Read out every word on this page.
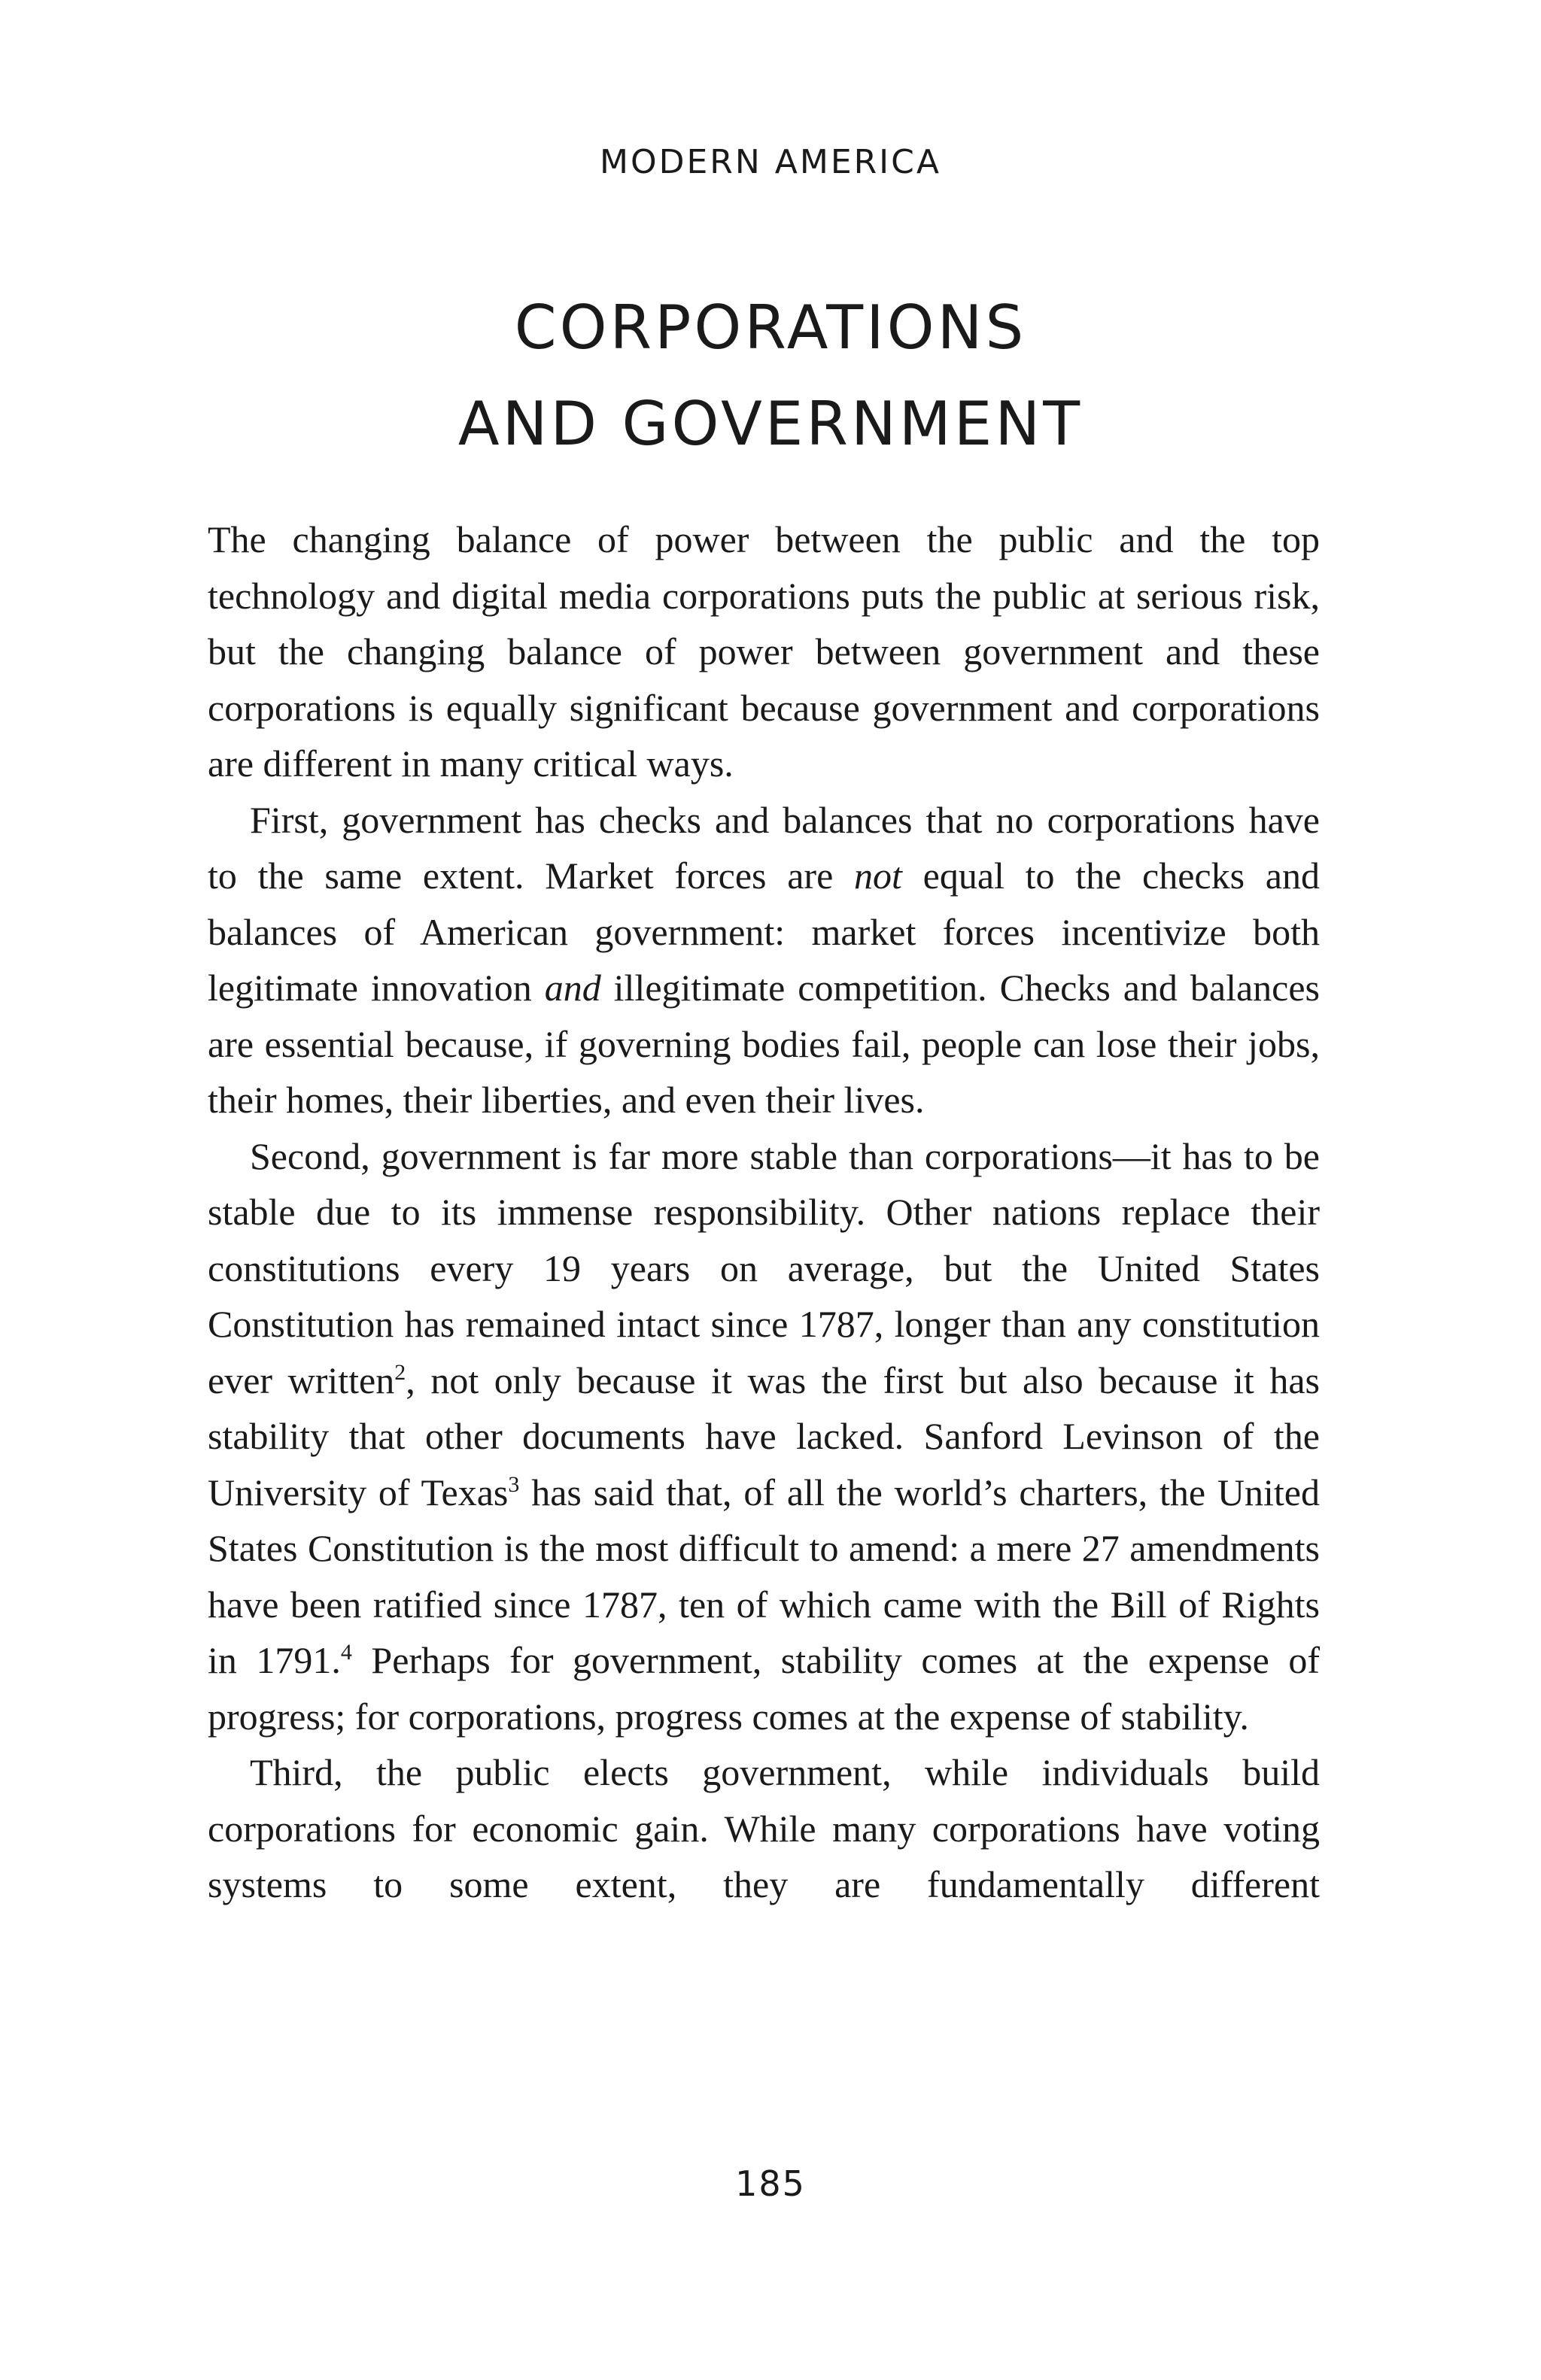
MODERN AMERICA
CORPORATIONS
AND GOVERNMENT

The changing balance of power between the public and the top technology and digital media corporations puts the public at serious risk, but the changing balance of power between government and these corporations is equally significant because government and corporations are different in many critical ways.

First, government has checks and balances that no corporations have to the same extent. Market forces are not equal to the checks and balances of American government: market forces incentivize both legitimate innovation and illegitimate competition. Checks and balances are essential because, if governing bodies fail, people can lose their jobs, their homes, their liberties, and even their lives.

Second, government is far more stable than corporations—it has to be stable due to its immense responsibility. Other nations replace their constitutions every 19 years on average, but the United States Constitution has remained intact since 1787, longer than any constitution ever written$^2$, not only because it was the first but also because it has stability that other documents have lacked. Sanford Levinson of the University of Texas$^3$ has said that, of all the world’s charters, the United States Constitution is the most difficult to amend: a mere 27 amendments have been ratified since 1787, ten of which came with the Bill of Rights in 1791.$^4$ Perhaps for government, stability comes at the expense of progress; for corporations, progress comes at the expense of stability.

Third, the public elects government, while individuals build corporations for economic gain. While many corporations have voting systems to some extent, they are fundamentally different

185
